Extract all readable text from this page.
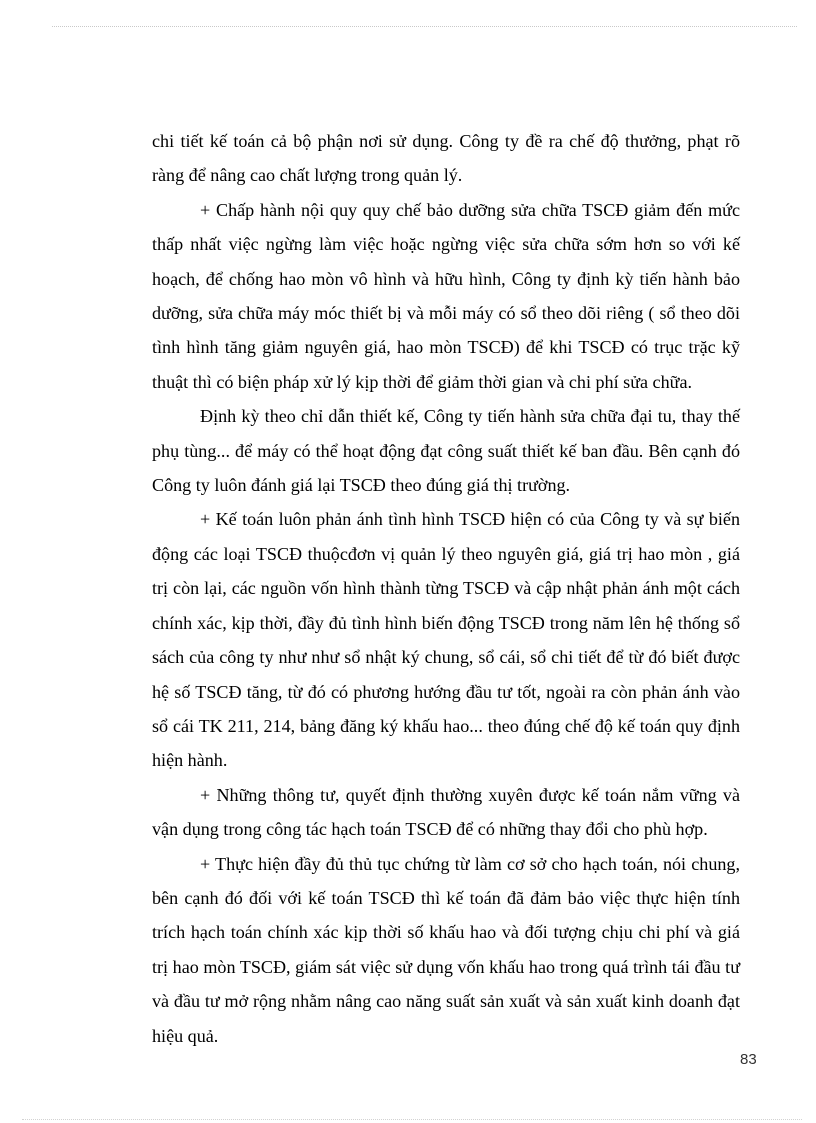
chi tiết kế toán cả bộ phận nơi sử dụng. Công ty đề ra chế độ thưởng, phạt rõ ràng để nâng cao chất lượng trong quản lý.

+ Chấp hành nội quy quy chế bảo dưỡng sửa chữa TSCĐ giảm đến mức thấp nhất việc ngừng làm việc hoặc ngừng việc sửa chữa sớm hơn so với kế hoạch, để chống hao mòn vô hình và hữu hình, Công ty định kỳ tiến hành bảo dưỡng, sửa chữa máy móc thiết bị và mỗi máy có sổ theo dõi riêng ( sổ theo dõi tình hình tăng giảm nguyên giá, hao mòn TSCĐ) để khi TSCĐ có trục trặc kỹ thuật thì có biện pháp xử lý kịp thời để giảm thời gian và chi phí sửa chữa.

Định kỳ theo chỉ dẫn thiết kế, Công ty tiến hành sửa chữa đại tu, thay thế phụ tùng... để máy có thể hoạt động đạt công suất thiết kế ban đầu. Bên cạnh đó Công ty luôn đánh giá lại TSCĐ theo đúng giá thị trường.

+ Kế toán luôn phản ánh tình hình TSCĐ hiện có của Công ty và sự biến động các loại TSCĐ thuộcđơn vị quản lý theo nguyên giá, giá trị hao mòn , giá trị còn lại, các nguồn vốn hình thành từng TSCĐ và cập nhật phản ánh một cách chính xác, kịp thời, đầy đủ tình hình biến động TSCĐ trong năm lên hệ thống sổ sách của công ty như như sổ nhật ký chung, sổ cái, sổ chi tiết để từ đó biết được hệ số TSCĐ tăng, từ đó có phương hướng đầu tư tốt, ngoài ra còn phản ánh vào sổ cái TK 211, 214, bảng đăng ký khấu hao... theo đúng chế độ kế toán quy định hiện hành.

+ Những thông tư, quyết định thường xuyên được kế toán nắm vững và vận dụng trong công tác hạch toán TSCĐ để có những thay đổi cho phù hợp.

+ Thực hiện đầy đủ thủ tục chứng từ làm cơ sở cho hạch toán, nói chung, bên cạnh đó đối với kế toán TSCĐ thì kế toán đã đảm bảo việc thực hiện tính trích hạch toán chính xác kịp thời số khấu hao và đối tượng chịu chi phí và giá trị hao mòn TSCĐ, giám sát việc sử dụng vốn khấu hao trong quá trình tái đầu tư và đầu tư mở rộng nhằm nâng cao năng suất sản xuất và sản xuất kinh doanh đạt hiệu quả.

83
